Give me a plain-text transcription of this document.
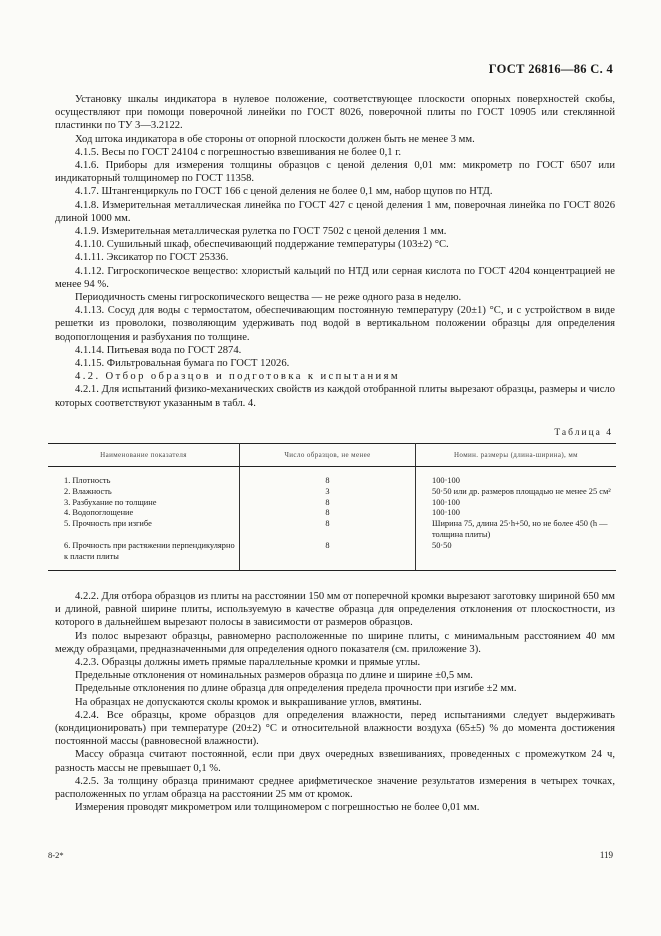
ГОСТ 26816—86 С. 4

Установку шкалы индикатора в нулевое положение, соответствующее плоскости опорных поверхностей скобы, осуществляют при помощи поверочной линейки по ГОСТ 8026, поверочной плиты по ГОСТ 10905 или стеклянной пластинки по ТУ 3—3.2122.

Ход штока индикатора в обе стороны от опорной плоскости должен быть не менее 3 мм.

4.1.5. Весы по ГОСТ 24104 с погрешностью взвешивания не более 0,1 г.

4.1.6. Приборы для измерения толщины образцов с ценой деления 0,01 мм: микрометр по ГОСТ 6507 или индикаторный толщиномер по ГОСТ 11358.

4.1.7. Штангенциркуль по ГОСТ 166 с ценой деления не более 0,1 мм, набор щупов по НТД.

4.1.8. Измерительная металлическая линейка по ГОСТ 427 с ценой деления 1 мм, поверочная линейка по ГОСТ 8026 длиной 1000 мм.

4.1.9. Измерительная металлическая рулетка по ГОСТ 7502 с ценой деления 1 мм.

4.1.10. Сушильный шкаф, обеспечивающий поддержание температуры (103±2) °С.

4.1.11. Эксикатор по ГОСТ 25336.

4.1.12. Гигроскопическое вещество: хлористый кальций по НТД или серная кислота по ГОСТ 4204 концентрацией не менее 94 %.

Периодичность смены гигроскопического вещества — не реже одного раза в неделю.

4.1.13. Сосуд для воды с термостатом, обеспечивающим постоянную температуру (20±1) °С, и с устройством в виде решетки из проволоки, позволяющим удерживать под водой в вертикальном положении образцы для определения водопоглощения и разбухания по толщине.

4.1.14. Питьевая вода по ГОСТ 2874.

4.1.15. Фильтровальная бумага по ГОСТ 12026.

4.2. Отбор образцов и подготовка к испытаниям

4.2.1. Для испытаний физико-механических свойств из каждой отобранной плиты вырезают образцы, размеры и число которых соответствуют указанным в табл. 4.

Таблица 4
Наименование показателя	Число образцов, не менее	Номин. размеры (длина-ширина), мм
1. Плотность	8	100·100
2. Влажность	3	50·50 или др. размеров площадью не менее 25 см²
3. Разбухание по толщине	8	100·100
4. Водопоглощение	8	100·100
5. Прочность при изгибе	8	Ширина 75, длина 25·h+50, но не более 450 (h — толщина плиты)
6. Прочность при растяжении перпендикулярно к пласти плиты	8	50·50

4.2.2. Для отбора образцов из плиты на расстоянии 150 мм от поперечной кромки вырезают заготовку шириной 650 мм и длиной, равной ширине плиты, используемую в качестве образца для определения отклонения от плоскостности, из которого в дальнейшем вырезают полосы в зависимости от размеров образцов.

Из полос вырезают образцы, равномерно расположенные по ширине плиты, с минимальным расстоянием 40 мм между образцами, предназначенными для определения одного показателя (см. приложение 3).

4.2.3. Образцы должны иметь прямые параллельные кромки и прямые углы.

Предельные отклонения от номинальных размеров образца по длине и ширине ±0,5 мм.

Предельные отклонения по длине образца для определения предела прочности при изгибе ±2 мм.

На образцах не допускаются сколы кромок и выкрашивание углов, вмятины.

4.2.4. Все образцы, кроме образцов для определения влажности, перед испытаниями следует выдерживать (кондиционировать) при температуре (20±2) °С и относительной влажности воздуха (65±5) % до момента достижения постоянной массы (равновесной влажности).

Массу образца считают постоянной, если при двух очередных взвешиваниях, проведенных с промежутком 24 ч, разность массы не превышает 0,1 %.

4.2.5. За толщину образца принимают среднее арифметическое значение результатов измерения в четырех точках, расположенных по углам образца на расстоянии 25 мм от кромок.

Измерения проводят микрометром или толщиномером с погрешностью не более 0,01 мм.

8-2*	119
